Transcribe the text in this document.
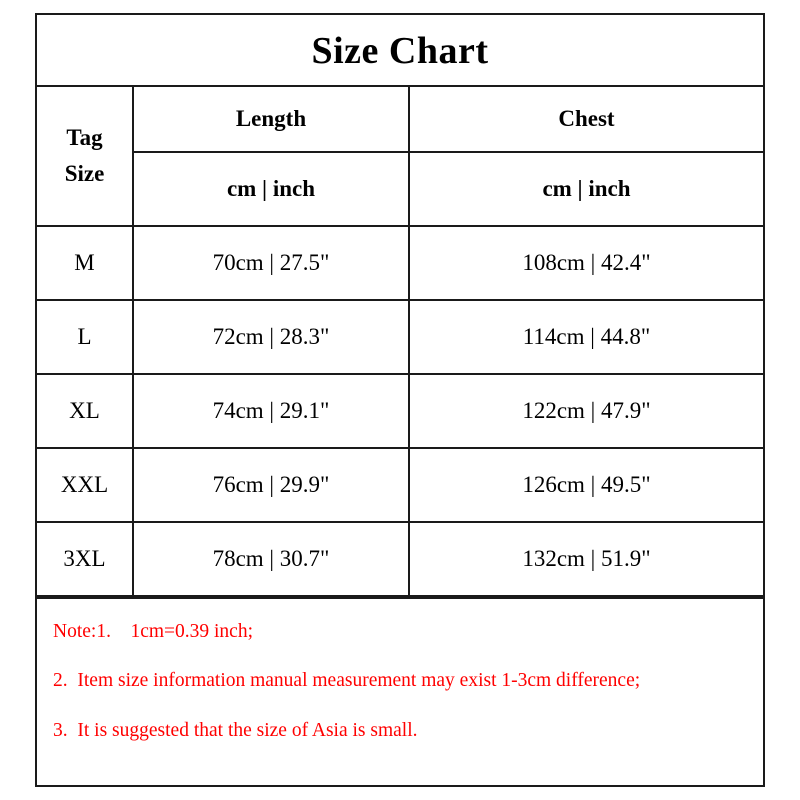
Size Chart
Tag
Size	Length	Chest
	cm | inch	cm | inch
M	70cm | 27.5"	108cm | 42.4"
L	72cm | 28.3"	114cm | 44.8"
XL	74cm | 29.1"	122cm | 47.9"
XXL	76cm | 29.9"	126cm | 49.5"
3XL	78cm | 30.7"	132cm | 51.9"
Note:1.    1cm=0.39 inch;
2.  Item size information manual measurement may exist 1-3cm difference;
3.  It is suggested that the size of Asia is small.
